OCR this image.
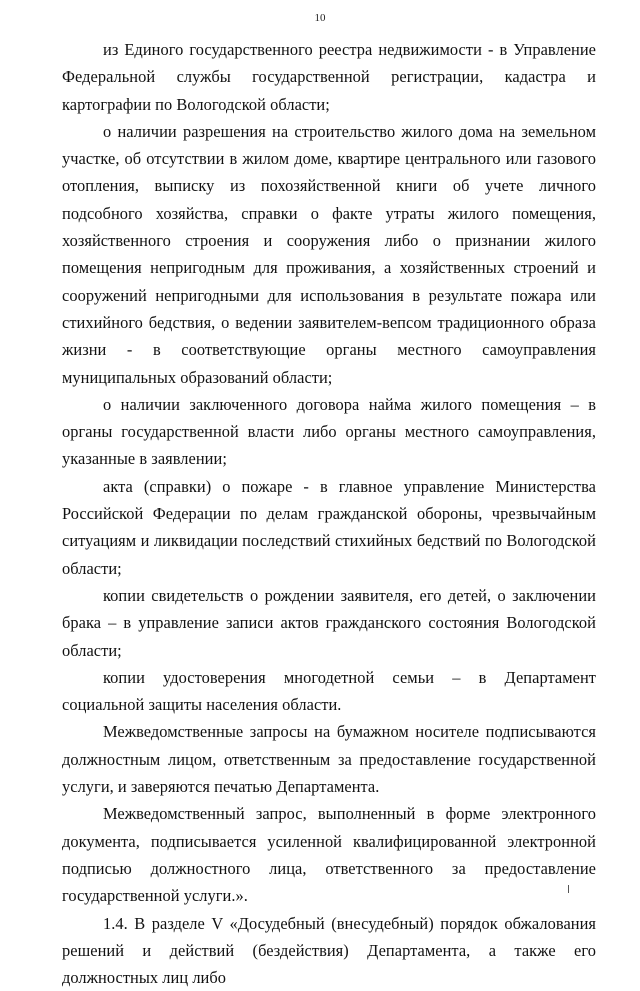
10

из Единого государственного реестра недвижимости - в Управление Федеральной службы государственной регистрации, кадастра и картографии по Вологодской области;

о наличии разрешения на строительство жилого дома на земельном участке, об отсутствии в жилом доме, квартире центрального или газового отопления, выписку из похозяйственной книги об учете личного подсобного хозяйства, справки о факте утраты жилого помещения, хозяйственного строения и сооружения либо о признании жилого помещения непригодным для проживания, а хозяйственных строений и сооружений непригодными для использования в результате пожара или стихийного бедствия, о ведении заявителем-вепсом традиционного образа жизни - в соответствующие органы местного самоуправления муниципальных образований области;

о наличии заключенного договора найма жилого помещения – в органы государственной власти либо органы местного самоуправления, указанные в заявлении;

акта (справки) о пожаре - в главное управление Министерства Российской Федерации по делам гражданской обороны, чрезвычайным ситуациям и ликвидации последствий стихийных бедствий по Вологодской области;

копии свидетельств о рождении заявителя, его детей, о заключении брака – в управление записи актов гражданского состояния Вологодской области;

копии удостоверения многодетной семьи – в Департамент социальной защиты населения области.

Межведомственные запросы на бумажном носителе подписываются должностным лицом, ответственным за предоставление государственной услуги, и заверяются печатью Департамента.

Межведомственный запрос, выполненный в форме электронного документа, подписывается усиленной квалифицированной электронной подписью должностного лица, ответственного за предоставление государственной услуги.».

1.4. В разделе V «Досудебный (внесудебный) порядок обжалования решений и действий (бездействия) Департамента, а также его должностных лиц либо
